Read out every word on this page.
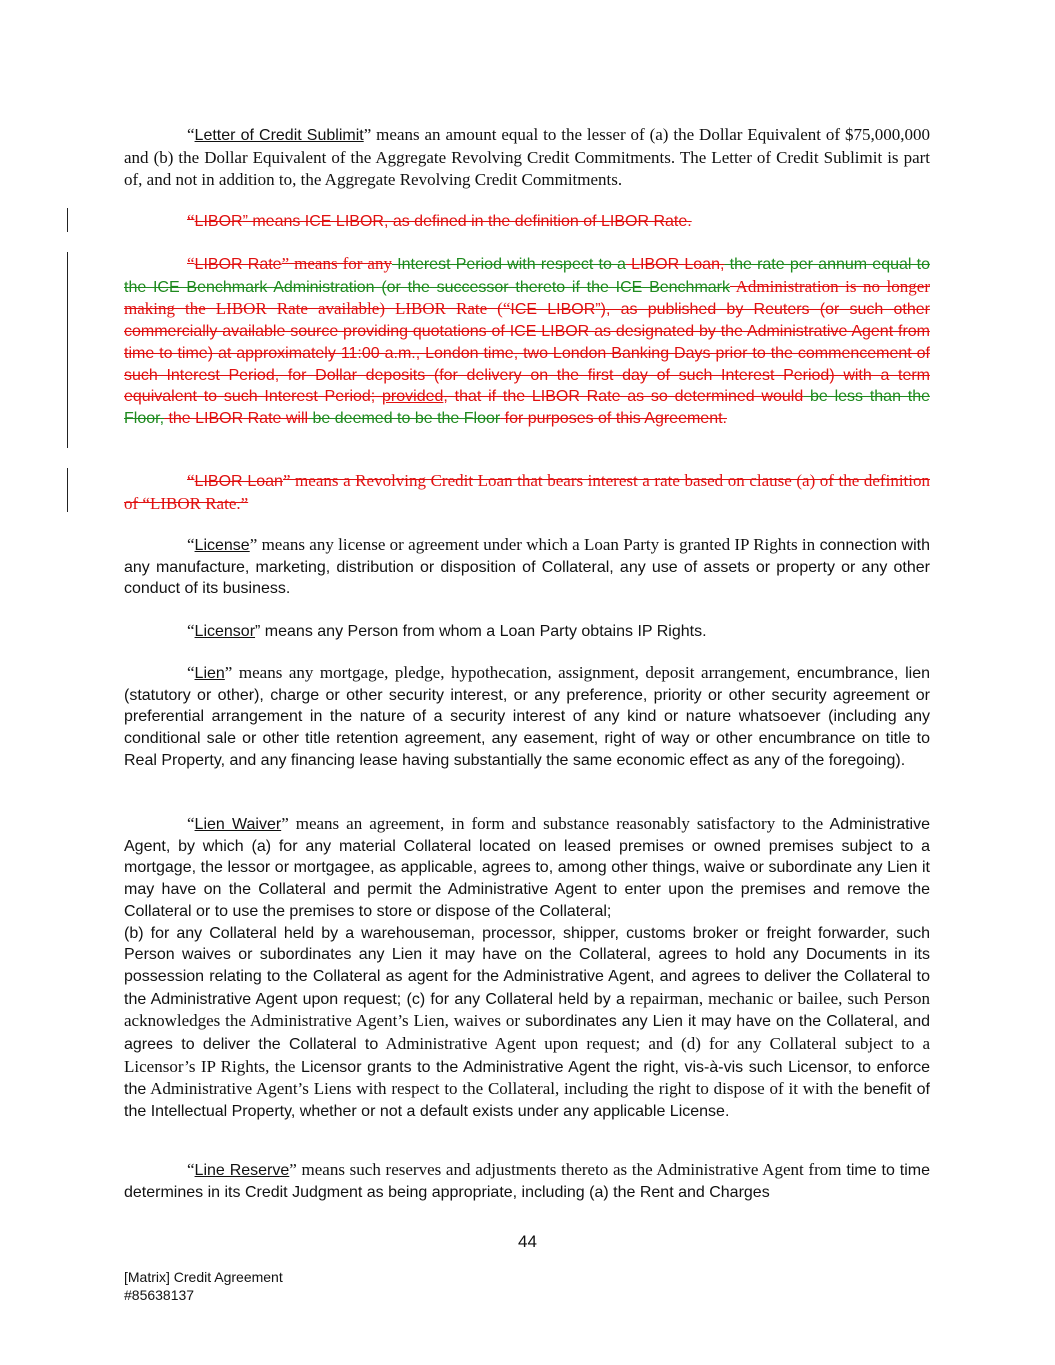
“Letter of Credit Sublimit” means an amount equal to the lesser of (a) the Dollar Equivalent of $75,000,000 and (b) the Dollar Equivalent of the Aggregate Revolving Credit Commitments. The Letter of Credit Sublimit is part of, and not in addition to, the Aggregate Revolving Credit Commitments.

“LIBOR” means ICE LIBOR, as defined in the definition of LIBOR Rate.

“LIBOR Rate” means for any Interest Period with respect to a LIBOR Loan, the rate per annum equal to the ICE Benchmark Administration (or the successor thereto if the ICE Benchmark Administration is no longer making the LIBOR Rate available) LIBOR Rate (“ICE LIBOR”), as published by Reuters (or such other commercially available source providing quotations of ICE LIBOR as designated by the Administrative Agent from time to time) at approximately 11:00 a.m., London time, two London Banking Days prior to the commencement of such Interest Period, for Dollar deposits (for delivery on the first day of such Interest Period) with a term equivalent to such Interest Period; provided, that if the LIBOR Rate as so determined would be less than the Floor, the LIBOR Rate will be deemed to be the Floor for purposes of this Agreement.

“LIBOR Loan” means a Revolving Credit Loan that bears interest a rate based on clause (a) of the definition of “LIBOR Rate.”

“License” means any license or agreement under which a Loan Party is granted IP Rights in connection with any manufacture, marketing, distribution or disposition of Collateral, any use of assets or property or any other conduct of its business.

“Licensor” means any Person from whom a Loan Party obtains IP Rights.

“Lien” means any mortgage, pledge, hypothecation, assignment, deposit arrangement, encumbrance, lien (statutory or other), charge or other security interest, or any preference, priority or other security agreement or preferential arrangement in the nature of a security interest of any kind or nature whatsoever (including any conditional sale or other title retention agreement, any easement, right of way or other encumbrance on title to Real Property, and any financing lease having substantially the same economic effect as any of the foregoing).

“Lien Waiver” means an agreement, in form and substance reasonably satisfactory to the Administrative Agent, by which (a) for any material Collateral located on leased premises or owned premises subject to a mortgage, the lessor or mortgagee, as applicable, agrees to, among other things, waive or subordinate any Lien it may have on the Collateral and permit the Administrative Agent to enter upon the premises and remove the Collateral or to use the premises to store or dispose of the Collateral;

(b) for any Collateral held by a warehouseman, processor, shipper, customs broker or freight forwarder, such Person waives or subordinates any Lien it may have on the Collateral, agrees to hold any Documents in its possession relating to the Collateral as agent for the Administrative Agent, and agrees to deliver the Collateral to the Administrative Agent upon request; (c) for any Collateral held by a repairman, mechanic or bailee, such Person acknowledges the Administrative Agent’s Lien, waives or subordinates any Lien it may have on the Collateral, and agrees to deliver the Collateral to Administrative Agent upon request; and (d) for any Collateral subject to a Licensor’s IP Rights, the Licensor grants to the Administrative Agent the right, vis-à-vis such Licensor, to enforce the Administrative Agent’s Liens with respect to the Collateral, including the right to dispose of it with the benefit of the Intellectual Property, whether or not a default exists under any applicable License.

“Line Reserve” means such reserves and adjustments thereto as the Administrative Agent from time to time determines in its Credit Judgment as being appropriate, including (a) the Rent and Charges

44
[Matrix] Credit Agreement
#85638137
